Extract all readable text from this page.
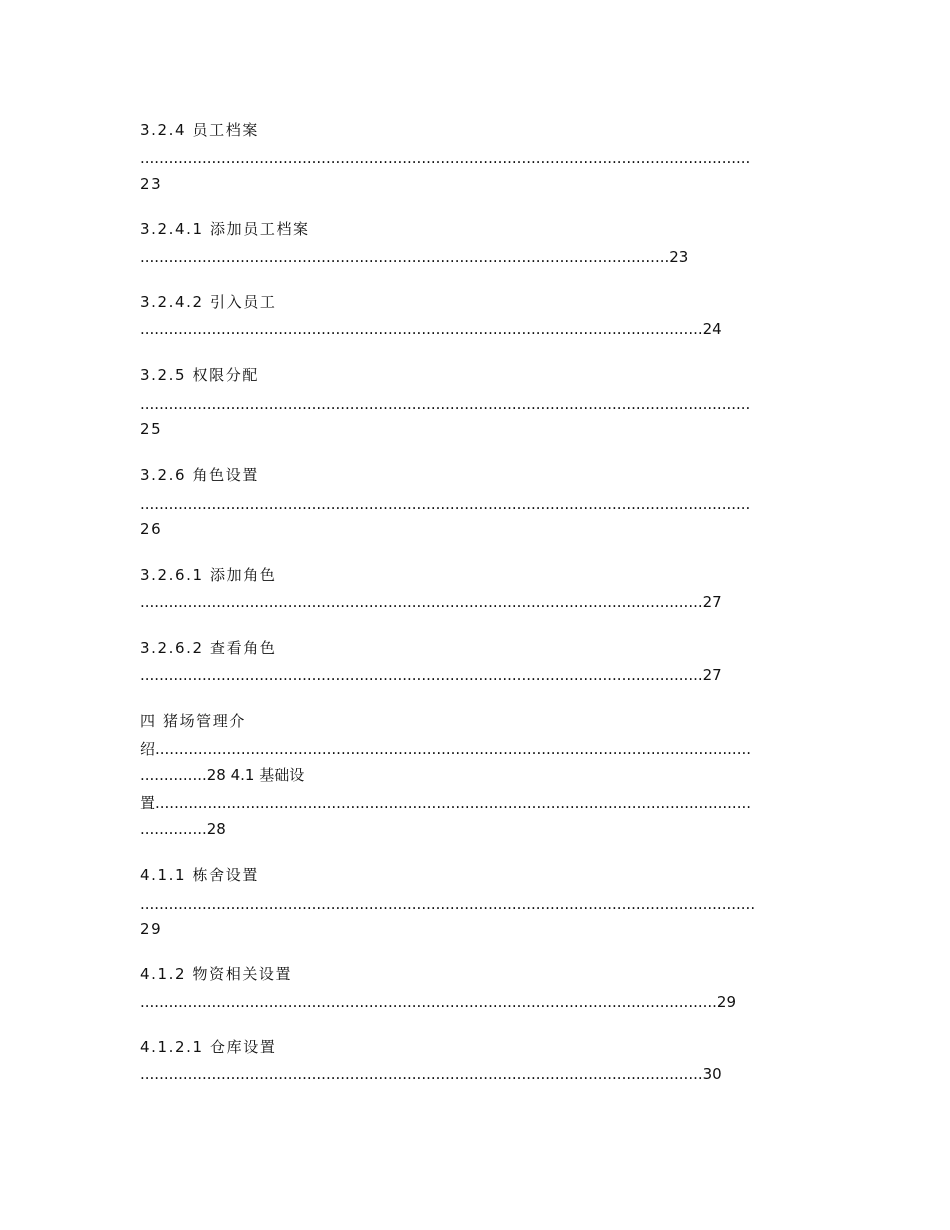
3.2.4 员工档案
................................................................................................................................
23
3.2.4.1 添加员工档案
...............................................................................................................23
3.2.4.2 引入员工
......................................................................................................................24
3.2.5 权限分配
................................................................................................................................
25
3.2.6 角色设置
................................................................................................................................
26
3.2.6.1 添加角色
......................................................................................................................27
3.2.6.2 查看角色
......................................................................................................................27
四 猪场管理介
绍.............................................................................................................................
..............28 4.1 基础设
置.............................................................................................................................
..............28
4.1.1 栋舍设置
.................................................................................................................................
29
4.1.2 物资相关设置
.........................................................................................................................29
4.1.2.1 仓库设置
......................................................................................................................30
